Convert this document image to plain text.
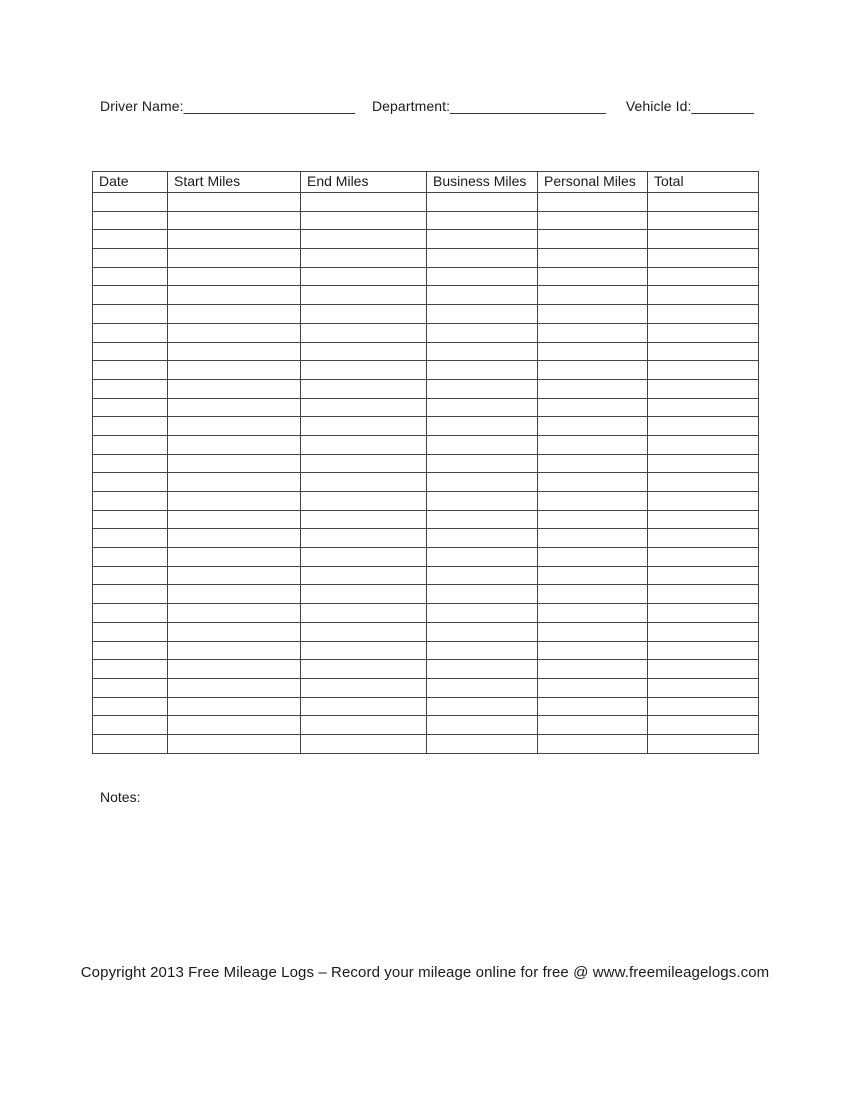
Driver Name:______________________ Department:____________________ Vehicle Id:________
Date	Start Miles	End Miles	Business Miles	Personal Miles	Total

Notes:
Copyright 2013 Free Mileage Logs – Record your mileage online for free @ www.freemileagelogs.com
